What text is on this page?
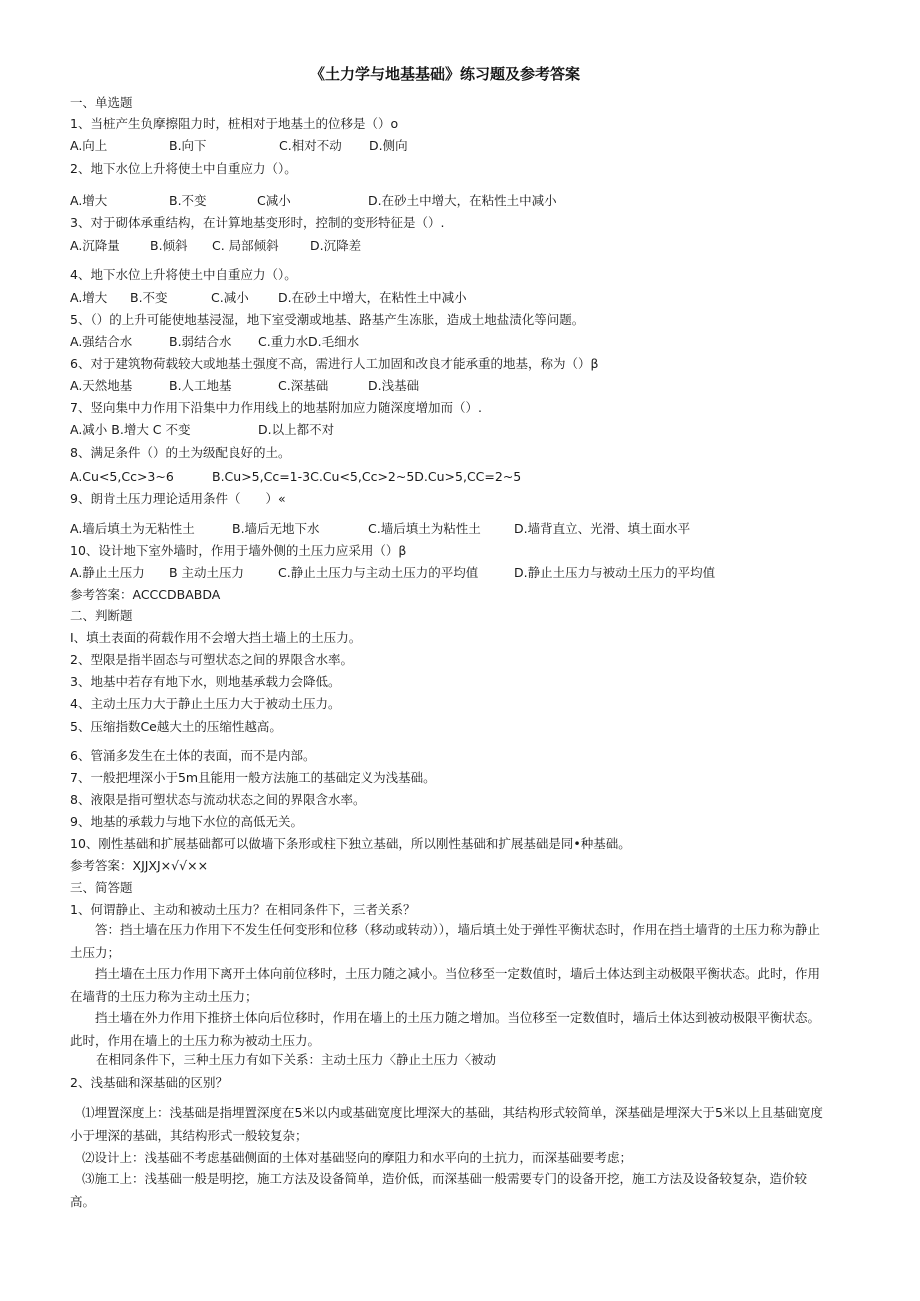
《土力学与地基基础》练习题及参考答案
一、单选题
1、当桩产生负摩擦阻力时，桩相对于地基土的位移是（）o
A.向上	B.向下	C.相对不动 D.侧向
2、地下水位上升将使土中自重应力（）。
A.增大	B.不变	C减小	D.在砂土中增大，在粘性土中减小
3、对于砌体承重结构，在计算地基变形时，控制的变形特征是（）.
A.沉降量 B.倾斜 C. 局部倾斜	D.沉降差
4、地下水位上升将使土中自重应力（）。
A.增大 B.不变	C.减小 D.在砂土中增大，在粘性土中减小
5、（）的上升可能使地基浸湿，地下室受潮或地基、路基产生冻胀，造成土地盐渍化等问题。
A.强结合水	B.弱结合水 C.重力水 D.毛细水
6、对于建筑物荷载较大或地基土强度不高，需进行人工加固和改良才能承重的地基，称为（）β
A.天然地基	B.人工地基	C.深基础	D.浅基础
7、竖向集中力作用下沿集中力作用线上的地基附加应力随深度增加而（）.
A.减小 B.增大 C 不变	D.以上都不对
8、满足条件（）的土为级配良好的土。
A.Cu<5,Cc>3~6	B.Cu>5,Cc=1-3C.Cu<5,Cc>2~5D.Cu>5,CC=2~5
9、朗肯土压力理论适用条件（　　）«
A.墙后填土为无粘性土	B.墙后无地下水	C.墙后填土为粘性土	D.墙背直立、光滑、填土面水平
10、设计地下室外墙时，作用于墙外侧的土压力应采用（）β
A.静止土压力 B 主动土压力	C.静止土压力与主动土压力的平均值	D.静止土压力与被动土压力的平均值
参考答案：ACCCDBABDA
二、判断题
I、填土表面的荷载作用不会增大挡土墙上的土压力。
2、型限是指半固态与可塑状态之间的界限含水率。
3、地基中若存有地下水，则地基承载力会降低。
4、主动土压力大于静止土压力大于被动土压力。
5、压缩指数Ce越大土的压缩性越高。
6、管涌多发生在土体的表面，而不是内部。
7、一般把埋深小于5m且能用一般方法施工的基础定义为浅基础。
8、液限是指可塑状态与流动状态之间的界限含水率。
9、地基的承载力与地下水位的高低无关。
10、刚性基础和扩展基础都可以做墙下条形或柱下独立基础，所以刚性基础和扩展基础是同•种基础。
参考答案：XJJXJ×√√××
三、简答题
1、何谓静止、主动和被动土压力？在相同条件下，三者关系？
答：挡土墙在压力作用下不发生任何变形和位移（移动或转动）），墙后填土处于弹性平衡状态时，作用在挡土墙背的土压力称为静止土压力；
挡土墙在土压力作用下离开土体向前位移时，土压力随之减小。当位移至一定数值时，墙后土体达到主动极限平衡状态。此时，作用在墙背的土压力称为主动土压力；
挡土墙在外力作用下推挤土体向后位移时，作用在墙上的土压力随之增加。当位移至一定数值时，墙后土体达到被动极限平衡状态。此时，作用在墙上的土压力称为被动土压力。
在相同条件下，三种土压力有如下关系：主动土压力〈静止土压力〈被动
2、浅基础和深基础的区别？
⑴埋置深度上：浅基础是指埋置深度在5米以内或基础宽度比埋深大的基础，其结构形式较简单，深基础是埋深大于5米以上且基础宽度小于埋深的基础，其结构形式一般较复杂；
⑵设计上：浅基础不考虑基础侧面的土体对基础竖向的摩阻力和水平向的土抗力，而深基础要考虑；
⑶施工上：浅基础一般是明挖，施工方法及设备简单，造价低，而深基础一般需要专门的设备开挖，施工方法及设备较复杂，造价较高。
